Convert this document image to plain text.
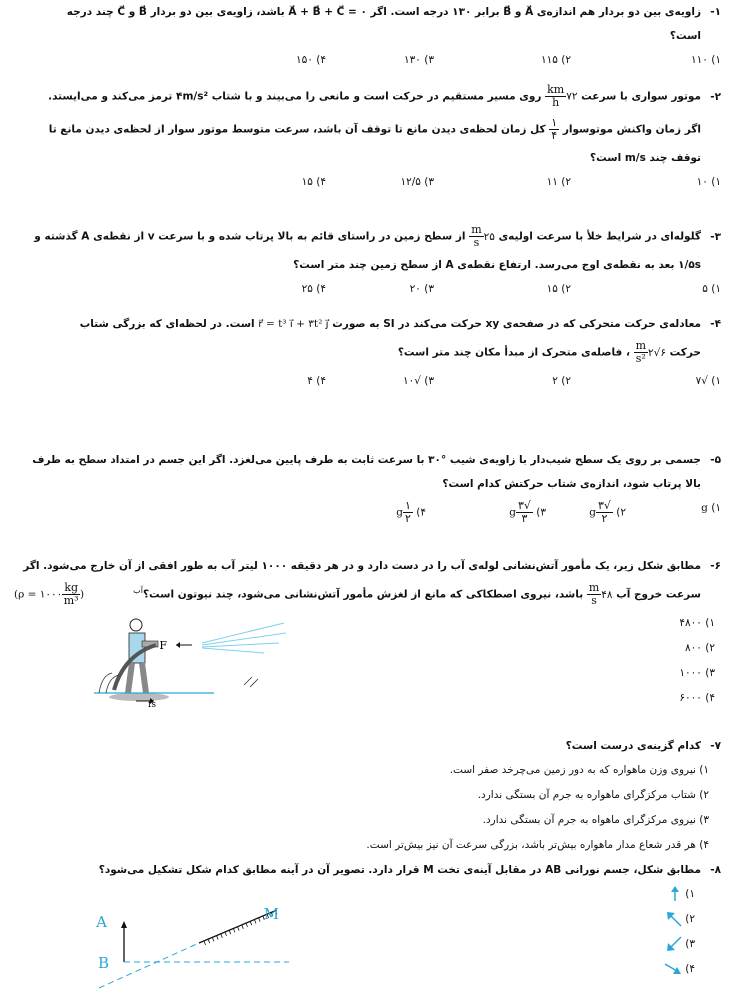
۱-زاویه‌ی بین دو بردار هم اندازه‌ی A⃗ و B⃗ برابر ۱۳۰ درجه است. اگر A⃗ + B⃗ + C⃗ = ۰ باشد، زاویه‌ی بین دو بردار B⃗ و C⃗ چند درجه
است؟
۱) ۱۱۰
۲) ۱۱۵
۳) ۱۳۰
۴) ۱۵۰
۲-موتور سواری با سرعت ۷۲
$\frac{km}{h}$
روی مسیر مستقیم در حرکت است و مانعی را می‌بیند و با شتاب ۴m/s² ترمز می‌کند و می‌ایستد.
اگر زمان واکنش موتوسوار
$\frac{۱}{۴}$
کل زمان لحظه‌ی دیدن مانع تا توقف آن باشد، سرعت متوسط موتور سوار از لحظه‌ی دیدن مانع تا
توقف چند m/s است؟
۱) ۱۰
۲) ۱۱
۳) ۱۲/۵
۴) ۱۵
۳-گلوله‌ای در شرایط خلأ با سرعت اولیه‌ی ۲۵
$\frac{m}{s}$
از سطح زمین در راستای قائم به بالا پرتاب شده و با سرعت v از نقطه‌ی A گذشته و
۱/۵s بعد به نقطه‌ی اوج می‌رسد. ارتفاع نقطه‌ی A از سطح زمین چند متر است؟
۱) ۵
۲) ۱۵
۳) ۲۰
۴) ۲۵
۴-معادله‌ی حرکت متحرکی که در صفحه‌ی xy حرکت می‌کند در SI به صورت r⃗ = t³ i⃗ + ۳t² j⃗ است. در لحظه‌ای که بزرگی شتاب
حرکت ۶√۲
$\frac{m}{\text{s²}}$
، فاصله‌ی متحرک از مبدأ مکان چند متر است؟
۱) √۷
۲) ۲
۳) √۱۰
۴) ۴
۵-جسمی بر روی یک سطح شیب‌دار با زاویه‌ی شیب °۳۰ با سرعت ثابت به طرف پایین می‌لغزد. اگر این جسم در امتداد سطح به طرف
بالا پرتاب شود، اندازه‌ی شتاب حرکتش کدام است؟
۱) g
۲)
$\frac{√۳}{۲}$
g
۳)
$\frac{√۳}{۳}$
g
۴)
$\frac{۱}{۲}$
g
۶-مطابق شکل زیر، یک مأمور آتش‌نشانی لوله‌ی آب را در دست دارد و در هر دقیقه ۱۰۰۰ لیتر آب به طور افقی از آن خارج می‌شود. اگر
سرعت خروج آب ۴۸
$\frac{m}{s}$
باشد، نیروی اصطکاکی که مانع از لغزش مأمور آتش‌نشانی می‌شود، چند نیوتون است؟$^{آب}$
(ρ = ۱۰۰۰ $\frac{kg}{\text{m³}}$ )
۱) ۴۸۰۰
۲) ۸۰۰
۳) ۱۰۰۰
۴) ۶۰۰۰
F
fs
۷-کدام گزینه‌ی درست است؟
۱) نیروی وزن ماهواره که به دور زمین می‌چرخد صفر است.
۲) شتاب مرکزگرای ماهواره به جرم آن بستگی ندارد.
۳) نیروی مرکزگرای ماهواه به جرم آن بستگی ندارد.
۴) هر قدر شعاع مدار ماهواره بیش‌تر باشد، بزرگی سرعت آن نیز بیش‌تر است.
۸-مطابق شکل، جسم نورانی AB در مقابل آینه‌ی تخت M قرار دارد. تصویر آن در آینه مطابق کدام شکل تشکیل می‌شود؟
۱)
۲)
۳)
۴)
A
B
M
